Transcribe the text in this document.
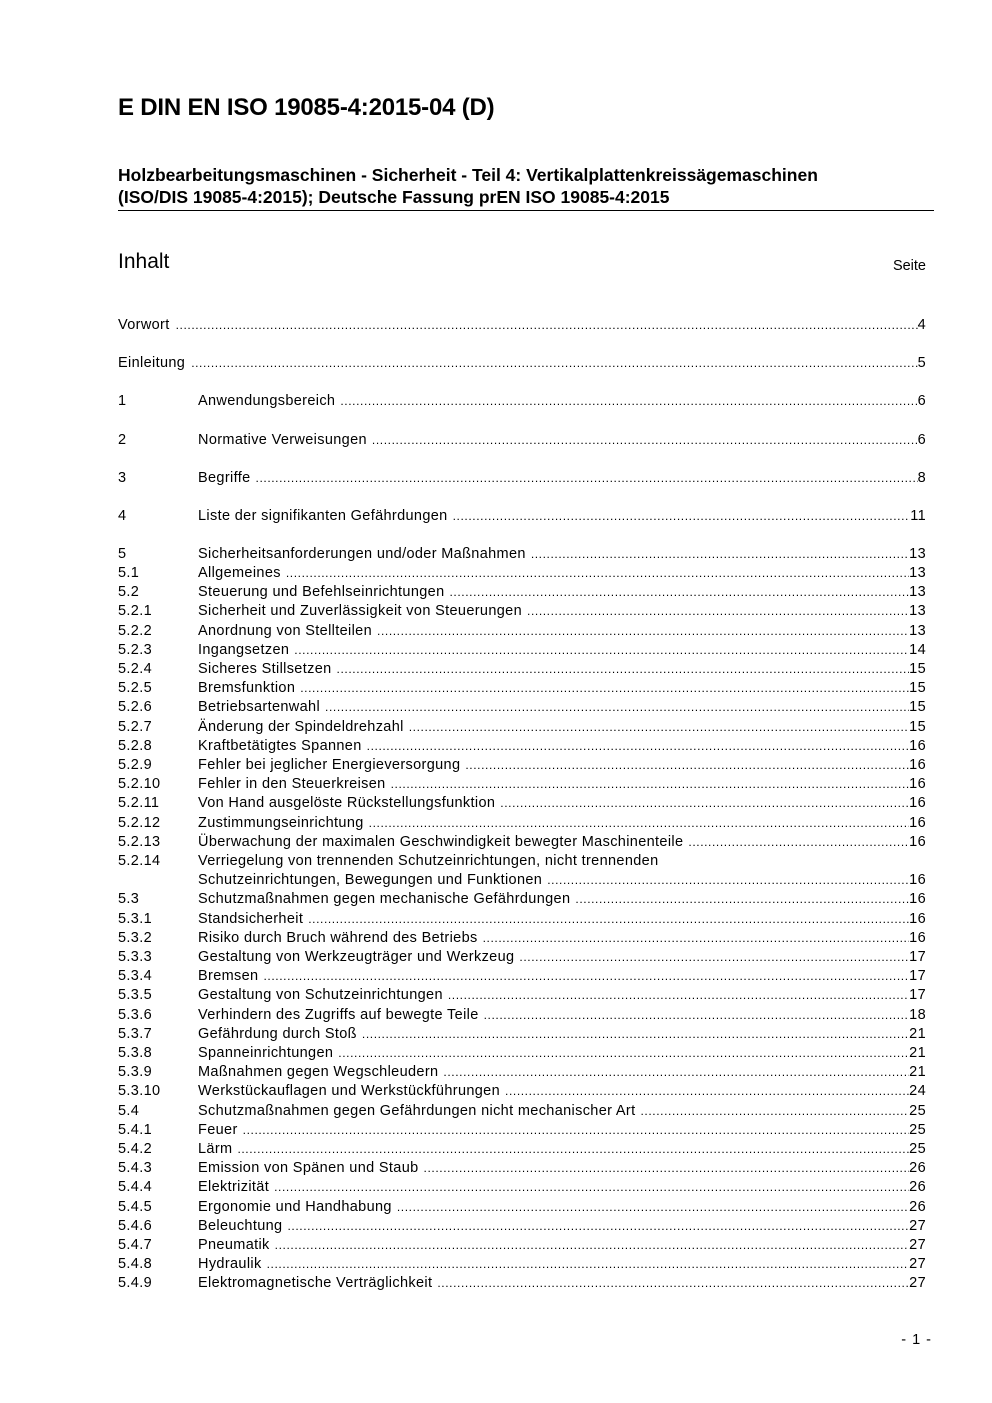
E DIN EN ISO 19085-4:2015-04 (D)
Holzbearbeitungsmaschinen - Sicherheit - Teil 4: Vertikalplattenkreissägemaschinen
(ISO/DIS 19085-4:2015); Deutsche Fassung prEN ISO 19085-4:2015
Inhalt	Seite
Vorwort .....	4
Einleitung .....	5
1	Anwendungsbereich .....	6
2	Normative Verweisungen .....	6
3	Begriffe .....	8
4	Liste der signifikanten Gefährdungen .....	11
5	Sicherheitsanforderungen und/oder Maßnahmen .....	13
5.1	Allgemeines .....	13
5.2	Steuerung und Befehlseinrichtungen .....	13
5.2.1	Sicherheit und Zuverlässigkeit von Steuerungen .....	13
5.2.2	Anordnung von Stellteilen .....	13
5.2.3	Ingangsetzen .....	14
5.2.4	Sicheres Stillsetzen .....	15
5.2.5	Bremsfunktion .....	15
5.2.6	Betriebsartenwahl .....	15
5.2.7	Änderung der Spindeldrehzahl .....	15
5.2.8	Kraftbetätigtes Spannen .....	16
5.2.9	Fehler bei jeglicher Energieversorgung .....	16
5.2.10	Fehler in den Steuerkreisen .....	16
5.2.11	Von Hand ausgelöste Rückstellungsfunktion .....	16
5.2.12	Zustimmungseinrichtung .....	16
5.2.13	Überwachung der maximalen Geschwindigkeit bewegter Maschinenteile .....	16
5.2.14	Verriegelung von trennenden Schutzeinrichtungen, nicht trennenden
Schutzeinrichtungen, Bewegungen und Funktionen .....	16
5.3	Schutzmaßnahmen gegen mechanische Gefährdungen .....	16
5.3.1	Standsicherheit .....	16
5.3.2	Risiko durch Bruch während des Betriebs .....	16
5.3.3	Gestaltung von Werkzeugträger und Werkzeug .....	17
5.3.4	Bremsen .....	17
5.3.5	Gestaltung von Schutzeinrichtungen .....	17
5.3.6	Verhindern des Zugriffs auf bewegte Teile .....	18
5.3.7	Gefährdung durch Stoß .....	21
5.3.8	Spanneinrichtungen .....	21
5.3.9	Maßnahmen gegen Wegschleudern .....	21
5.3.10	Werkstückauflagen und Werkstückführungen .....	24
5.4	Schutzmaßnahmen gegen Gefährdungen nicht mechanischer Art .....	25
5.4.1	Feuer .....	25
5.4.2	Lärm .....	25
5.4.3	Emission von Spänen und Staub .....	26
5.4.4	Elektrizität .....	26
5.4.5	Ergonomie und Handhabung .....	26
5.4.6	Beleuchtung .....	27
5.4.7	Pneumatik .....	27
5.4.8	Hydraulik .....	27
5.4.9	Elektromagnetische Verträglichkeit .....	27
- 1 -
